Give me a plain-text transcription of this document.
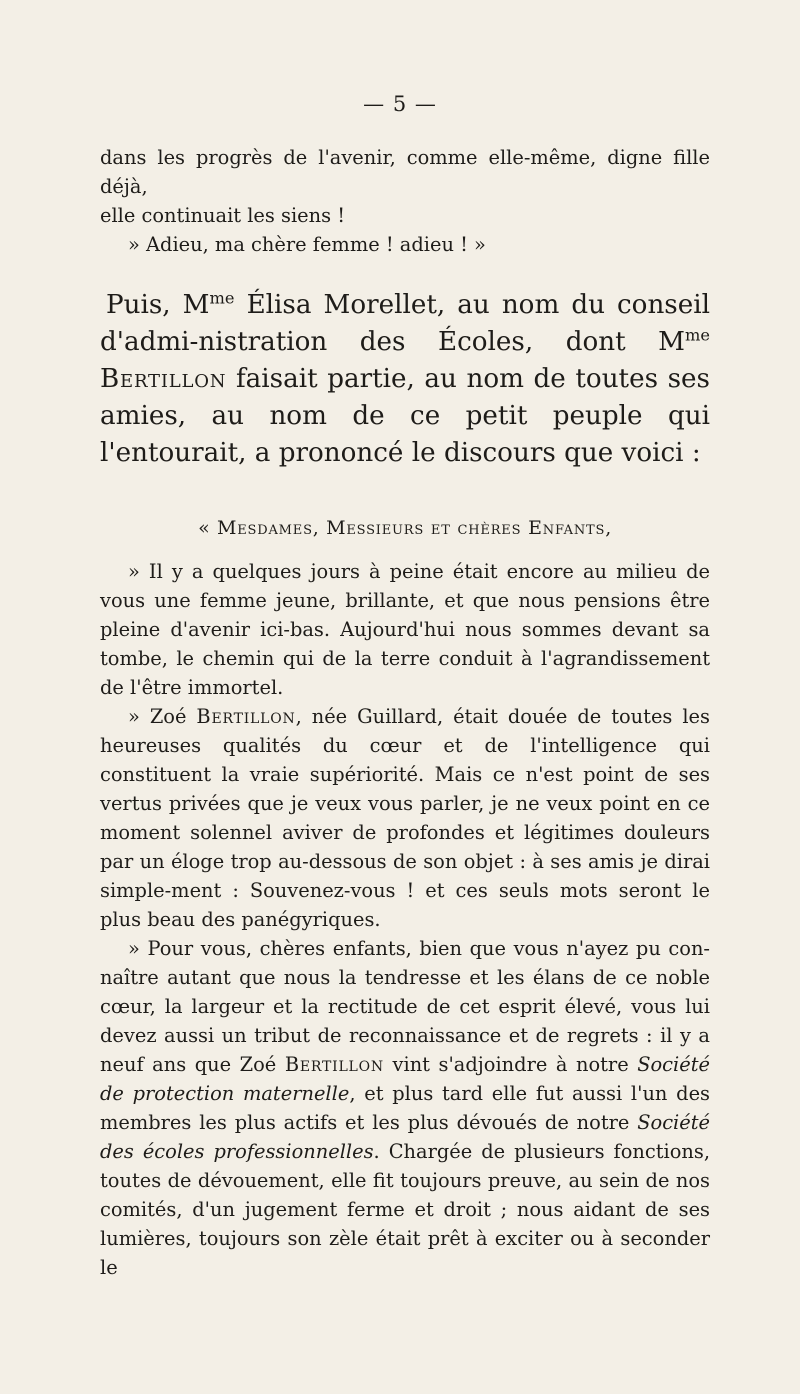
— 5 —

dans les progrès de l'avenir, comme elle-même, digne fille déjà,
elle continuait les siens !
» Adieu, ma chère femme ! adieu ! »

Puis, $M^{me}$ Élisa Morellet, au nom du conseil d'admi-nistration des Écoles, dont $M^{me}$ Bertillon faisait partie, au nom de toutes ses amies, au nom de ce petit peuple qui l'entourait, a prononcé le discours que voici :

« Mesdames, Messieurs et chères Enfants,

» Il y a quelques jours à peine était encore au milieu de vous une femme jeune, brillante, et que nous pensions être pleine d'avenir ici-bas. Aujourd'hui nous sommes devant sa tombe, le chemin qui de la terre conduit à l'agrandissement de l'être immortel.

» Zoé Bertillon, née Guillard, était douée de toutes les heureuses qualités du cœur et de l'intelligence qui constituent la vraie supériorité. Mais ce n'est point de ses vertus privées que je veux vous parler, je ne veux point en ce moment solennel aviver de profondes et légitimes douleurs par un éloge trop au-dessous de son objet : à ses amis je dirai simple-ment : Souvenez-vous ! et ces seuls mots seront le plus beau des panégyriques.

» Pour vous, chères enfants, bien que vous n'ayez pu con-naître autant que nous la tendresse et les élans de ce noble cœur, la largeur et la rectitude de cet esprit élevé, vous lui devez aussi un tribut de reconnaissance et de regrets : il y a neuf ans que Zoé Bertillon vint s'adjoindre à notre Société de protection maternelle, et plus tard elle fut aussi l'un des membres les plus actifs et les plus dévoués de notre Société des écoles professionnelles. Chargée de plusieurs fonctions, toutes de dévouement, elle fit toujours preuve, au sein de nos comités, d'un jugement ferme et droit ; nous aidant de ses lumières, toujours son zèle était prêt à exciter ou à seconder le
